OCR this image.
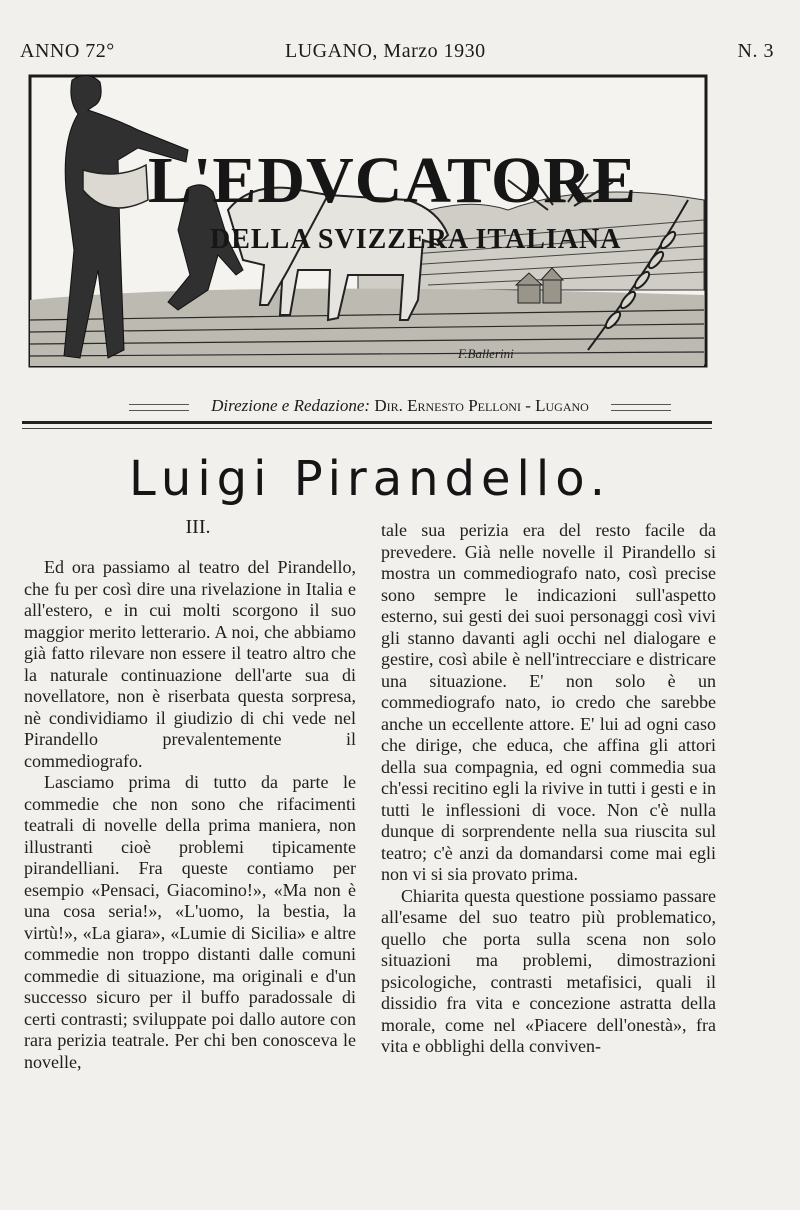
ANNO 72°	LUGANO, Marzo 1930	N. 3
F.Ballerini
L'EDVCATORE
DELLA SVIZZERA ITALIANA
Direzione e Redazione: Dir. Ernesto Pelloni - Lugano
Luigi Pirandello.
III.

Ed ora passiamo al teatro del Pirandello, che fu per così dire una rivelazione in Italia e all'estero, e in cui molti scorgono il suo maggior merito letterario. A noi, che abbiamo già fatto rilevare non essere il teatro altro che la naturale continuazione dell'arte sua di novellatore, non è riserbata questa sorpresa, nè condividiamo il giudizio di chi vede nel Pirandello prevalentemente il commediografo.

Lasciamo prima di tutto da parte le commedie che non sono che rifacimenti teatrali di novelle della prima maniera, non illustranti cioè problemi tipicamente pirandelliani. Fra queste contiamo per esempio «Pensaci, Giacomino!», «Ma non è una cosa seria!», «L'uomo, la bestia, la virtù!», «La giara», «Lumie di Sicilia» e altre commedie non troppo distanti dalle comuni commedie di situazione, ma originali e d'un successo sicuro per il buffo paradossale di certi contrasti; sviluppate poi dallo autore con rara perizia teatrale. Per chi ben conosceva le novelle,

tale sua perizia era del resto facile da prevedere. Già nelle novelle il Pirandello si mostra un commediografo nato, così precise sono sempre le indicazioni sull'aspetto esterno, sui gesti dei suoi personaggi così vivi gli stanno davanti agli occhi nel dialogare e gestire, così abile è nell'intrecciare e districare una situazione. E' non solo è un commediografo nato, io credo che sarebbe anche un eccellente attore. E' lui ad ogni caso che dirige, che educa, che affina gli attori della sua compagnia, ed ogni commedia sua ch'essi recitino egli la rivive in tutti i gesti e in tutti le inflessioni di voce. Non c'è nulla dunque di sorprendente nella sua riuscita sul teatro; c'è anzi da domandarsi come mai egli non vi si sia provato prima.

Chiarita questa questione possiamo passare all'esame del suo teatro più problematico, quello che porta sulla scena non solo situazioni ma problemi, dimostrazioni psicologiche, contrasti metafisici, quali il dissidio fra vita e concezione astratta della morale, come nel «Piacere dell'onestà», fra vita e obblighi della conviven-
